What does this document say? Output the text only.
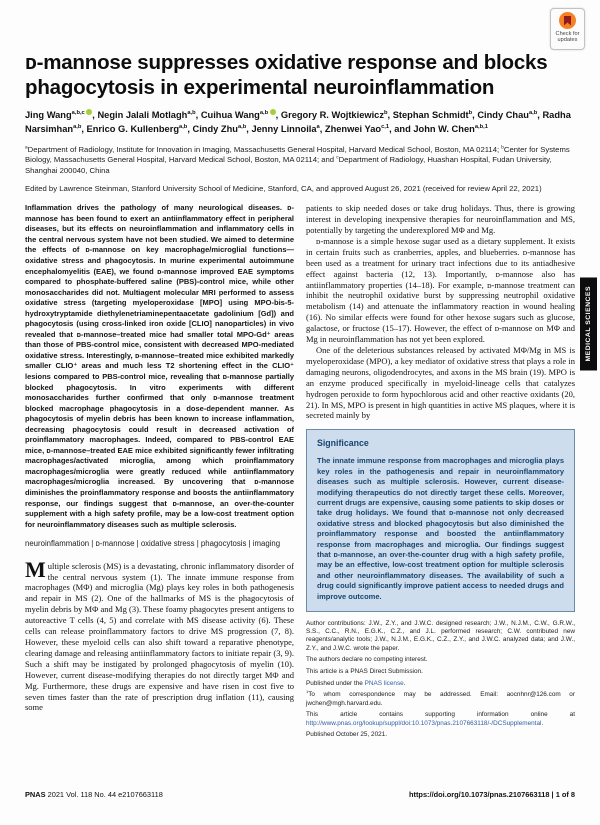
Check for updates
ᴅ-mannose suppresses oxidative response and blocks
phagocytosis in experimental neuroinflammation
Jing Wang$^{a,b,c}$ , Negin Jalali Motlagh$^{a,b}$, Cuihua Wang$^{a,b}$ , Gregory R. Wojtkiewicz$^b$, Stephan Schmidt$^b$, Cindy Chau$^{a,b}$, Radha Narsimhan$^{a,b}$, Enrico G. Kullenberg$^{a,b}$, Cindy Zhu$^{a,b}$, Jenny Linnoila$^a$, Zhenwei Yao$^{c,1}$, and John W. Chen$^{a,b,1}$
$^a$Department of Radiology, Institute for Innovation in Imaging, Massachusetts General Hospital, Harvard Medical School, Boston, MA 02114; $^b$Center for Systems Biology, Massachusetts General Hospital, Harvard Medical School, Boston, MA 02114; and $^c$Department of Radiology, Huashan Hospital, Fudan University, Shanghai 200040, China
Edited by Lawrence Steinman, Stanford University School of Medicine, Stanford, CA, and approved August 26, 2021 (received for review April 22, 2021)

Inflammation drives the pathology of many neurological diseases. ᴅ-mannose has been found to exert an antiinflammatory effect in peripheral diseases, but its effects on neuroinflammation and inflammatory cells in the central nervous system have not been studied. We aimed to determine the effects of ᴅ-mannose on key macrophage/microglial functions—oxidative stress and phagocytosis. In murine experimental autoimmune encephalomyelitis (EAE), we found ᴅ-mannose improved EAE symptoms compared to phosphate-buffered saline (PBS)-control mice, while other monosaccharides did not. Multiagent molecular MRI performed to assess oxidative stress (targeting myeloperoxidase [MPO] using MPO-bis-5-hydroxytryptamide diethylenetriaminepentaacetate gadolinium [Gd]) and phagocytosis (using cross-linked iron oxide [CLIO] nanoparticles) in vivo revealed that ᴅ-mannose–treated mice had smaller total MPO-Gd⁺ areas than those of PBS-control mice, consistent with decreased MPO-mediated oxidative stress. Interestingly, ᴅ-mannose–treated mice exhibited markedly smaller CLIO⁺ areas and much less T2 shortening effect in the CLIO⁺ lesions compared to PBS-control mice, revealing that ᴅ-mannose partially blocked phagocytosis. In vitro experiments with different monosaccharides further confirmed that only ᴅ-mannose treatment blocked macrophage phagocytosis in a dose-dependent manner. As phagocytosis of myelin debris has been known to increase inflammation, decreasing phagocytosis could result in decreased activation of proinflammatory macrophages. Indeed, compared to PBS-control EAE mice, ᴅ-mannose–treated EAE mice exhibited significantly fewer infiltrating macrophages/activated microglia, among which proinflammatory macrophages/microglia were greatly reduced while antiinflammatory macrophages/microglia increased. By uncovering that ᴅ-mannose diminishes the proinflammatory response and boosts the antiinflammatory response, our findings suggest that ᴅ-mannose, an over-the-counter supplement with a high safety profile, may be a low-cost treatment option for neuroinflammatory diseases such as multiple sclerosis.

neuroinflammation | ᴅ-mannose | oxidative stress | phagocytosis | imaging

Multiple sclerosis (MS) is a devastating, chronic inflammatory disorder of the central nervous system (1). The innate immune response from macrophages (MΦ) and microglia (Mg) plays key roles in both pathogenesis and repair in MS (2). One of the hallmarks of MS is the phagocytosis of myelin debris by MΦ and Mg (3). These foamy phagocytes present antigens to autoreactive T cells (4, 5) and correlate with MS disease activity (6). These cells can release proinflammatory factors to drive MS progression (7, 8). However, these myeloid cells can also shift toward a reparative phenotype, clearing damage and releasing antiinflammatory factors to initiate repair (3, 9). Such a shift may be instigated by prolonged phagocytosis of myelin (10). However, current disease-modifying therapies do not directly target MΦ and Mg. Furthermore, these drugs are expensive and have risen in cost five to seven times faster than the rate of prescription drug inflation (11), causing some

patients to skip needed doses or take drug holidays. Thus, there is growing interest in developing inexpensive therapies for neuroinflammation and MS, potentially by targeting the underexplored MΦ and Mg.

ᴅ-mannose is a simple hexose sugar used as a dietary supplement. It exists in certain fruits such as cranberries, apples, and blueberries. ᴅ-mannose has been used as a treatment for urinary tract infections due to its antiadhesive effect against bacteria (12, 13). Importantly, ᴅ-mannose also has antiinflammatory properties (14–18). For example, ᴅ-mannose treatment can inhibit the neutrophil oxidative burst by suppressing neutrophil oxidative metabolism (14) and attenuate the inflammatory reaction in wound healing (16). No similar effects were found for other hexose sugars such as glucose, galactose, or fructose (15–17). However, the effect of ᴅ-mannose on MΦ and Mg in neuroinflammation has not yet been explored.

One of the deleterious substances released by activated MΦ/Mg in MS is myeloperoxidase (MPO), a key mediator of oxidative stress that plays a role in damaging neurons, oligodendrocytes, and axons in the MS brain (19). MPO is an enzyme produced specifically in myeloid-lineage cells that catalyzes hydrogen peroxide to form hypochlorous acid and other reactive oxidants (20, 21). In MS, MPO is present in high quantities in active MS plaques, where it is secreted mainly by

Significance

The innate immune response from macrophages and microglia plays key roles in the pathogenesis and repair in neuroinflammatory diseases such as multiple sclerosis. However, current disease-modifying therapeutics do not directly target these cells. Moreover, current drugs are expensive, causing some patients to skip doses or take drug holidays. We found that ᴅ-mannose not only decreased oxidative stress and blocked phagocytosis but also diminished the proinflammatory response and boosted the antiinflammatory response from macrophages and microglia. Our findings suggest that ᴅ-mannose, an over-the-counter drug with a high safety profile, may be an effective, low-cost treatment option for multiple sclerosis and other neuroinflammatory diseases. The availability of such a drug could significantly improve patient access to needed drugs and improve outcome.

Author contributions: J.W., Z.Y., and J.W.C. designed research; J.W., N.J.M., C.W., G.R.W., S.S., C.C., R.N., E.G.K., C.Z., and J.L. performed research; C.W. contributed new reagents/analytic tools; J.W., N.J.M., E.G.K., C.Z., Z.Y., and J.W.C. analyzed data; and J.W., Z.Y., and J.W.C. wrote the paper.

The authors declare no competing interest.

This article is a PNAS Direct Submission.

Published under the PNAS license.

$^1$To whom correspondence may be addressed. Email: aocnhnr@126.com or jwchen@mgh.harvard.edu.

This article contains supporting information online at http://www.pnas.org/lookup/suppl/doi:10.1073/pnas.2107663118/-/DCSupplemental.

Published October 25, 2021.

MEDICAL SCIENCES
PNAS 2021 Vol. 118 No. 44 e2107663118	https://doi.org/10.1073/pnas.2107663118 | 1 of 8
